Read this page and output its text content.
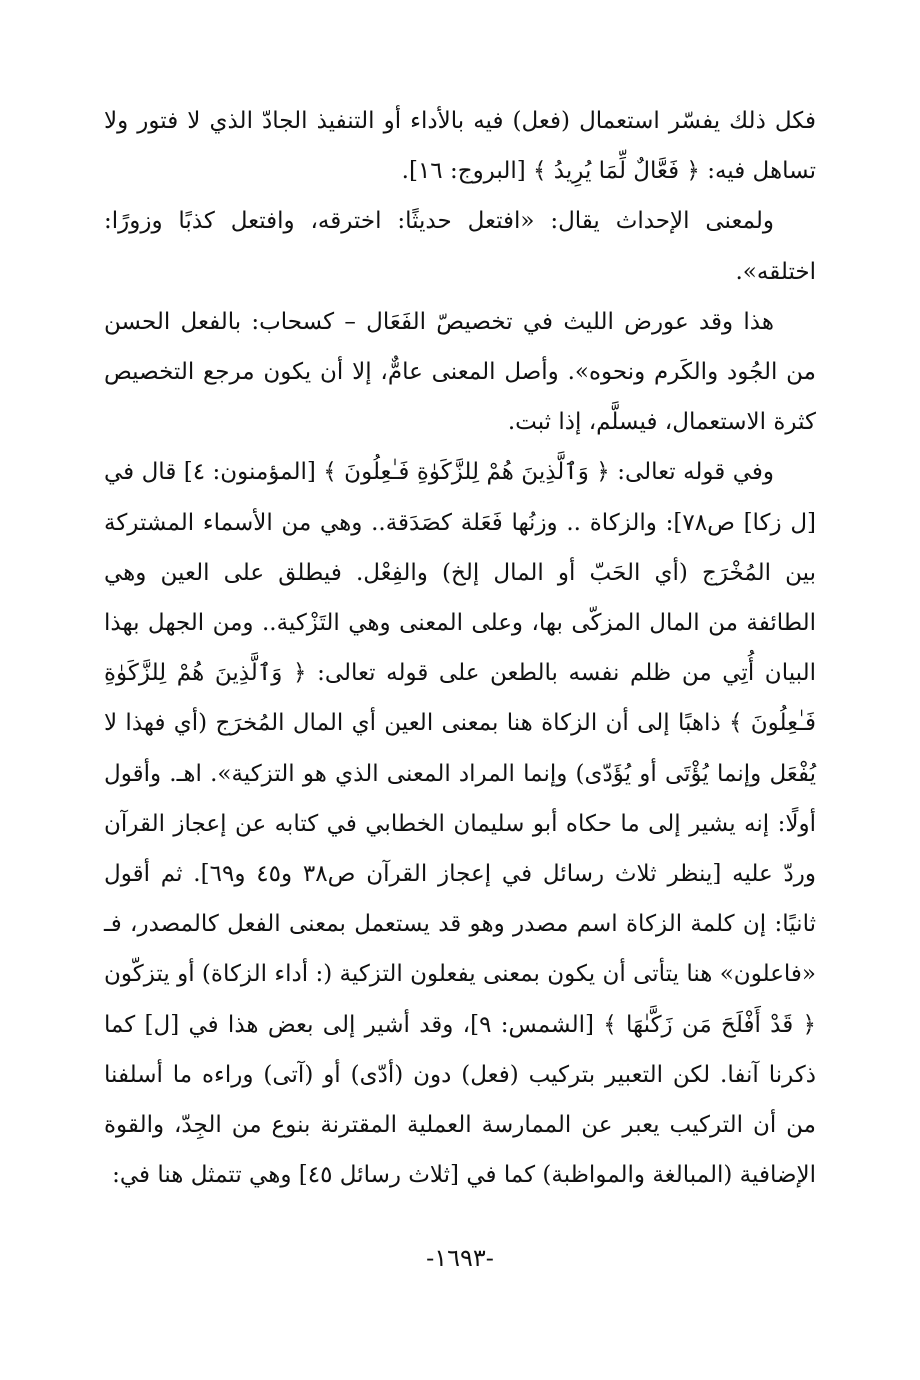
فكل ذلك يفسّر استعمال (فعل) فيه بالأداء أو التنفيذ الجادّ الذي لا فتور ولا تساهل فيه: ﴿ فَعَّالٌ لِّمَا يُرِيدُ ﴾ [البروج: ١٦].

ولمعنى الإحداث يقال: «افتعل حديثًا: اخترقه، وافتعل كذبًا وزورًا: اختلقه».

هذا وقد عورض الليث في تخصيصّ الفَعَال – كسحاب: بالفعل الحسن من الجُود والكَرم ونحوه». وأصل المعنى عامٌّ، إلا أن يكون مرجع التخصيص كثرة الاستعمال، فيسلَّم، إذا ثبت.

وفي قوله تعالى: ﴿ وَٱلَّذِينَ هُمْ لِلزَّكَوٰةِ فَـٰعِلُونَ ﴾ [المؤمنون: ٤] قال في [ل زكا] ص٧٨]: والزكاة .. وزنُها فَعَلة كصَدَقة.. وهي من الأسماء المشتركة بين المُخْرَج (أي الحَبّ أو المال إلخ) والفِعْل. فيطلق على العين وهي الطائفة من المال المزكّى بها، وعلى المعنى وهي التَزْكية.. ومن الجهل بهذا البيان أُتِي من ظلم نفسه بالطعن على قوله تعالى: ﴿ وَٱلَّذِينَ هُمْ لِلزَّكَوٰةِ فَـٰعِلُونَ ﴾ ذاهبًا إلى أن الزكاة هنا بمعنى العين أي المال المُخرَج (أي فهذا لا يُفْعَل وإنما يُؤْتَى أو يُؤَدّى) وإنما المراد المعنى الذي هو التزكية». اهـ. وأقول أولًا: إنه يشير إلى ما حكاه أبو سليمان الخطابي في كتابه عن إعجاز القرآن وردّ عليه [ينظر ثلاث رسائل في إعجاز القرآن ص٣٨ و٤٥ و٦٩]. ثم أقول ثانيًا: إن كلمة الزكاة اسم مصدر وهو قد يستعمل بمعنى الفعل كالمصدر، فـ «فاعلون» هنا يتأتى أن يكون بمعنى يفعلون التزكية (: أداء الزكاة) أو يتزكّون ﴿ قَدْ أَفْلَحَ مَن زَكَّىٰهَا ﴾ [الشمس: ٩]، وقد أشير إلى بعض هذا في [ل] كما ذكرنا آنفا. لكن التعبير بتركيب (فعل) دون (أدّى) أو (آتى) وراءه ما أسلفنا من أن التركيب يعبر عن الممارسة العملية المقترنة بنوع من الجِدّ، والقوة الإضافية (المبالغة والمواظبة) كما في [ثلاث رسائل ٤٥] وهي تتمثل هنا في:

-١٦٩٣-
